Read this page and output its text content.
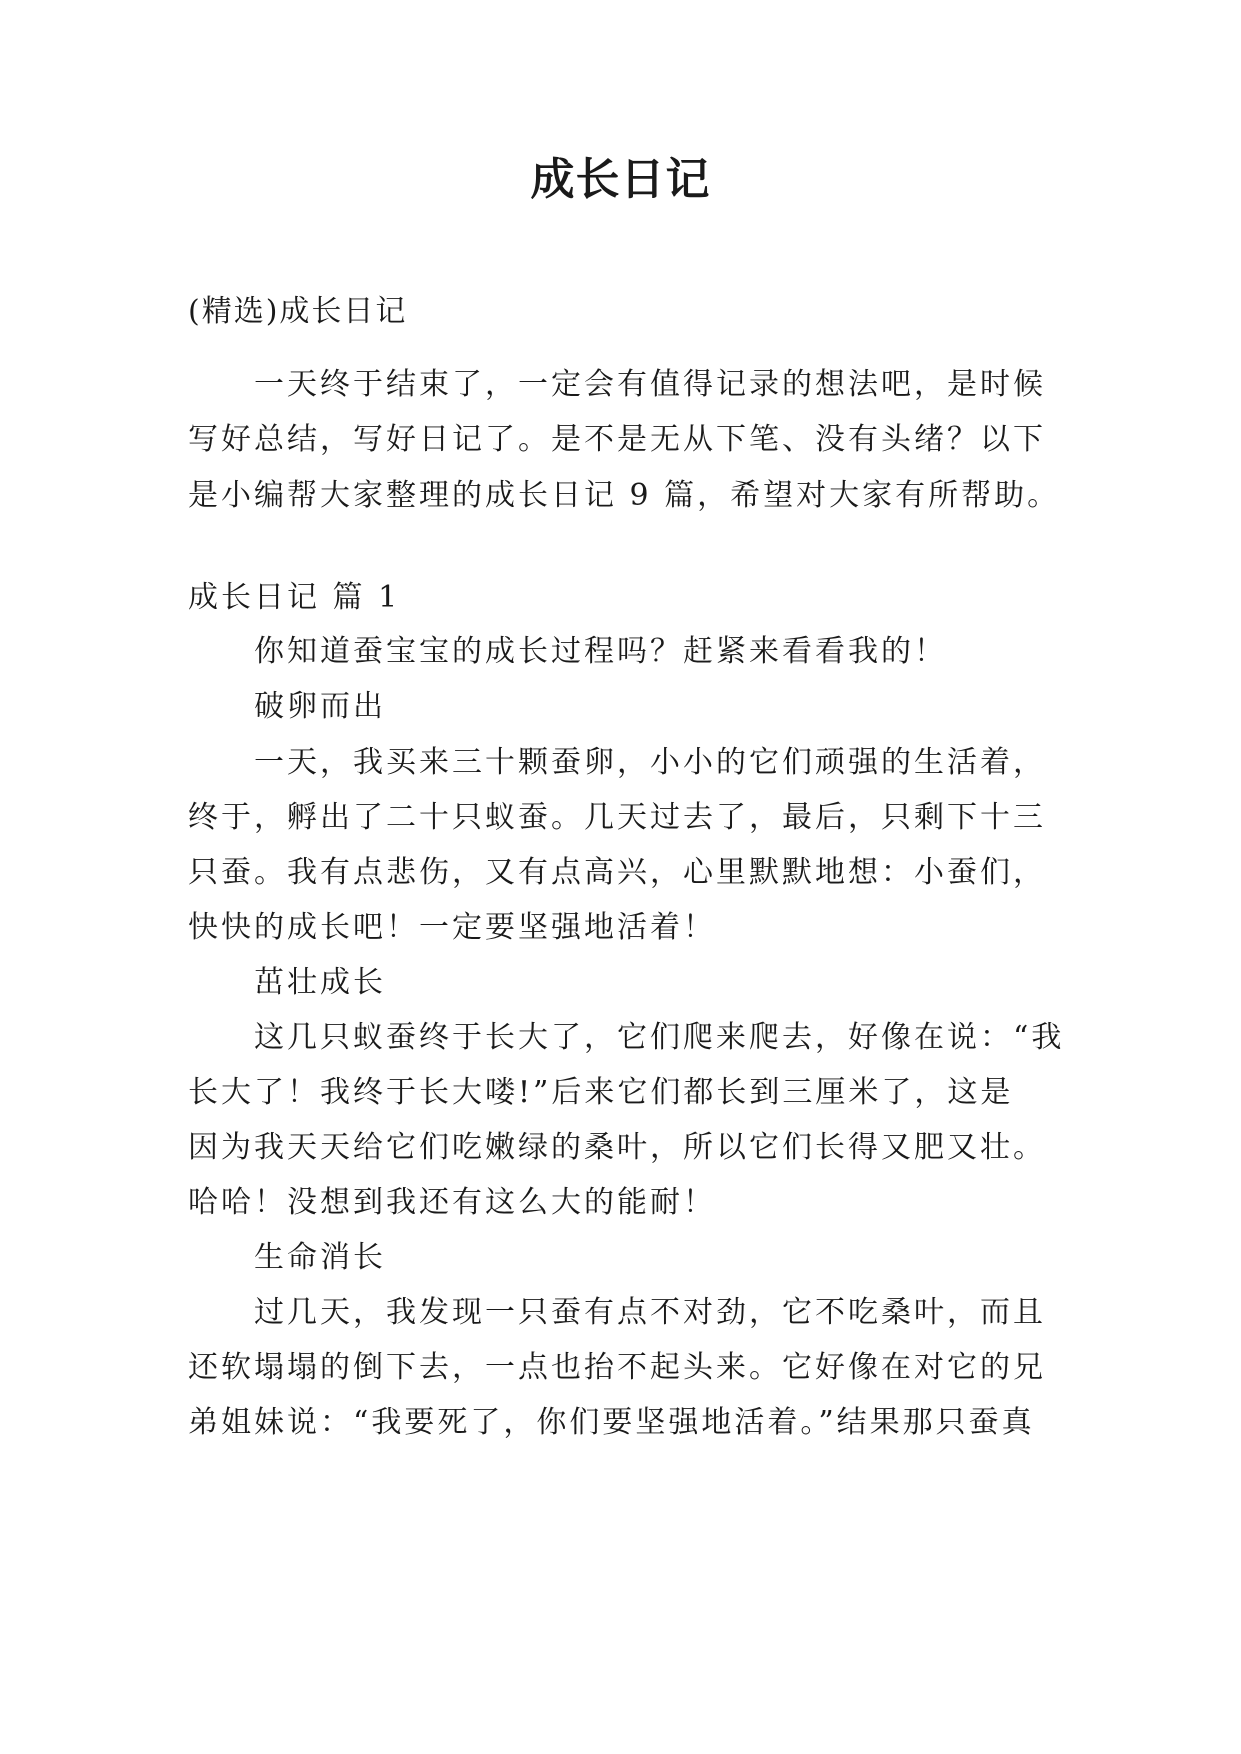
成长日记

(精选)成长日记

一天终于结束了，一定会有值得记录的想法吧，是时候
写好总结，写好日记了。是不是无从下笔、没有头绪？以下
是小编帮大家整理的成长日记 9 篇，希望对大家有所帮助。
成长日记 篇 1
你知道蚕宝宝的成长过程吗？赶紧来看看我的！
破卵而出
一天，我买来三十颗蚕卵，小小的它们顽强的生活着，
终于，孵出了二十只蚁蚕。几天过去了，最后，只剩下十三
只蚕。我有点悲伤，又有点高兴，心里默默地想：小蚕们，
快快的成长吧！一定要坚强地活着！
茁壮成长
这几只蚁蚕终于长大了，它们爬来爬去，好像在说：“我
长大了！我终于长大喽!”后来它们都长到三厘米了，这是
因为我天天给它们吃嫩绿的桑叶，所以它们长得又肥又壮。
哈哈！没想到我还有这么大的能耐！
生命消长
过几天，我发现一只蚕有点不对劲，它不吃桑叶，而且
还软塌塌的倒下去，一点也抬不起头来。它好像在对它的兄
弟姐妹说：“我要死了，你们要坚强地活着。”结果那只蚕真
